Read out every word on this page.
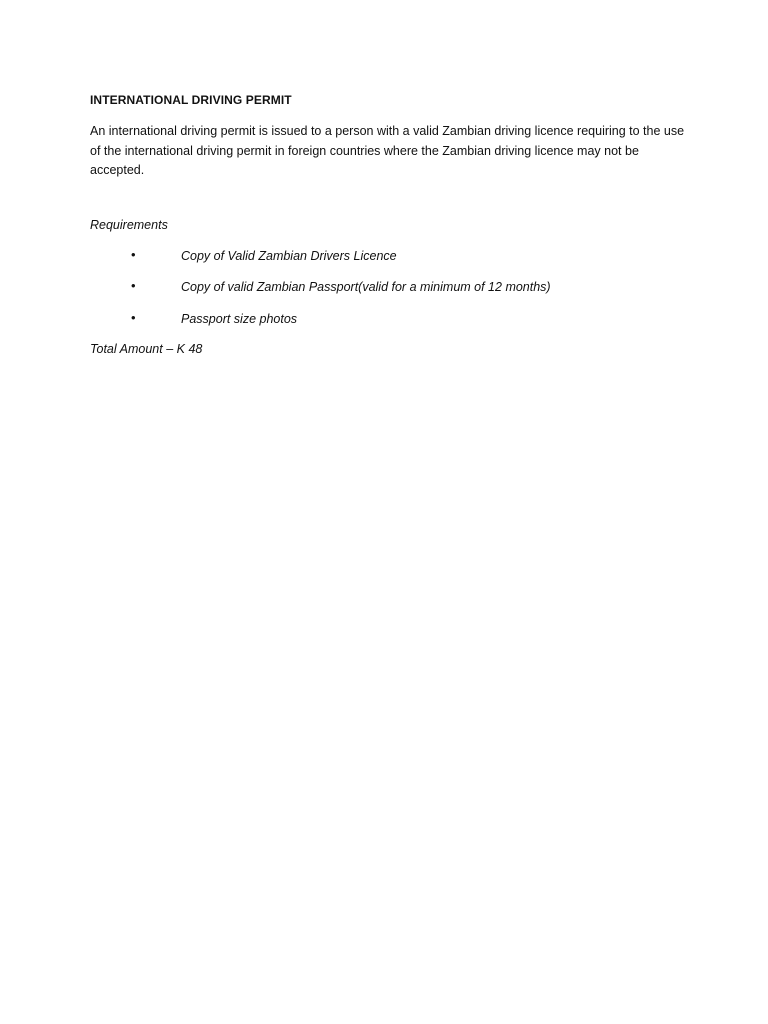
INTERNATIONAL DRIVING PERMIT

An international driving permit is issued to a person with a valid Zambian driving licence requiring to the use of the international driving permit in foreign countries where the Zambian driving licence may not be accepted.

Requirements

•	Copy of Valid Zambian Drivers Licence
•	Copy of valid Zambian Passport(valid for a minimum of 12 months)
•	Passport size photos

Total Amount – K 48
